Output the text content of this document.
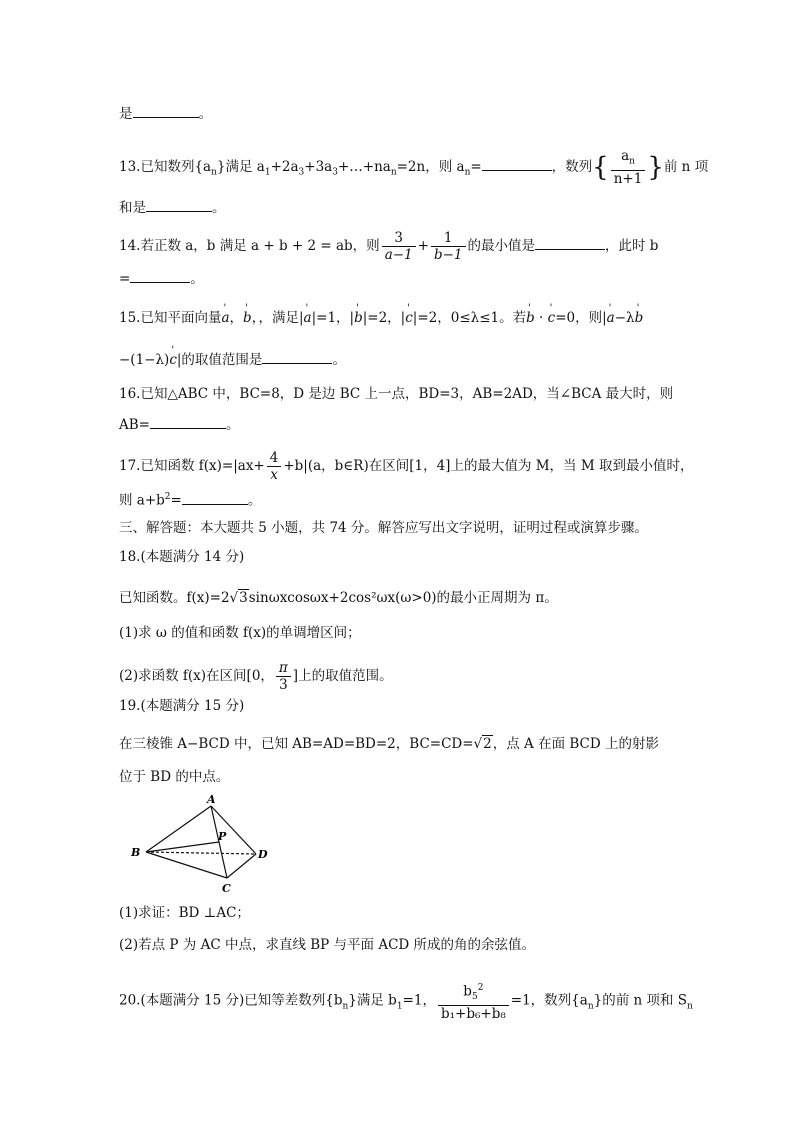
是	。
13.已知数列$\{a_n\}$满足 $a_1+2a_3+3a_3+\dots+na_n=2n$，则 $a_n=$	，数列{ $\frac{a_n}{n+1}$ }前 n 项
和是	。
14.若正数 a，b 满足 a + b + 2 = ab，则 $\frac{3}{a-1} + \frac{1}{b-1}$ 的最小值是	，此时 b
=	。
15.已知平面向量' a，' b，，满足|' a|=1，|' b|=2，|' c|=2，0≤λ≤1。若' b · ' c=0，则|' a−λ' b
−(1−λ)' c|的取值范围是	。
16.已知△ABC 中，BC=8，D 是边 BC 上一点，BD=3，AB=2AD，当∠BCA 最大时，则
AB=	。
17.已知函数 $f(x)=|ax+ \frac{4}{x} +b|(a$，b∈R)在区间[1，4]上的最大值为 M，当 M 取到最小值时，
则 $a+b^2=$	。
三、解答题：本大题共 5 小题，共 74 分。解答应写出文字说明，证明过程或演算步骤。
18.(本题满分 14 分)
已知函数。f(x)=2√3sinωxcosωx+2cos²ωx(ω>0)的最小正周期为 π。
(1)求 ω 的值和函数 f(x)的单调增区间；
(2)求函数 f(x)在区间[0， $\frac{\pi}{3}$ ]上的取值范围。
19.(本题满分 15 分)
在三棱锥 A−BCD 中，已知 AB=AD=BD=2，BC=CD=√2，点 A 在面 BCD 上的射影
位于 BD 的中点。
A
B
C
D
P
(1)求证：BD ⊥AC；
(2)若点 P 为 AC 中点，求直线 BP 与平面 ACD 所成的角的余弦值。
20.(本题满分 15 分)已知等差数列$\{b_n\}$满足 $b_1=1$， $\frac{b_5^2}{\text{b₁+b₆+b₈}} =1$，数列$\{a_n\}$的前 n 项和 $S_n$
